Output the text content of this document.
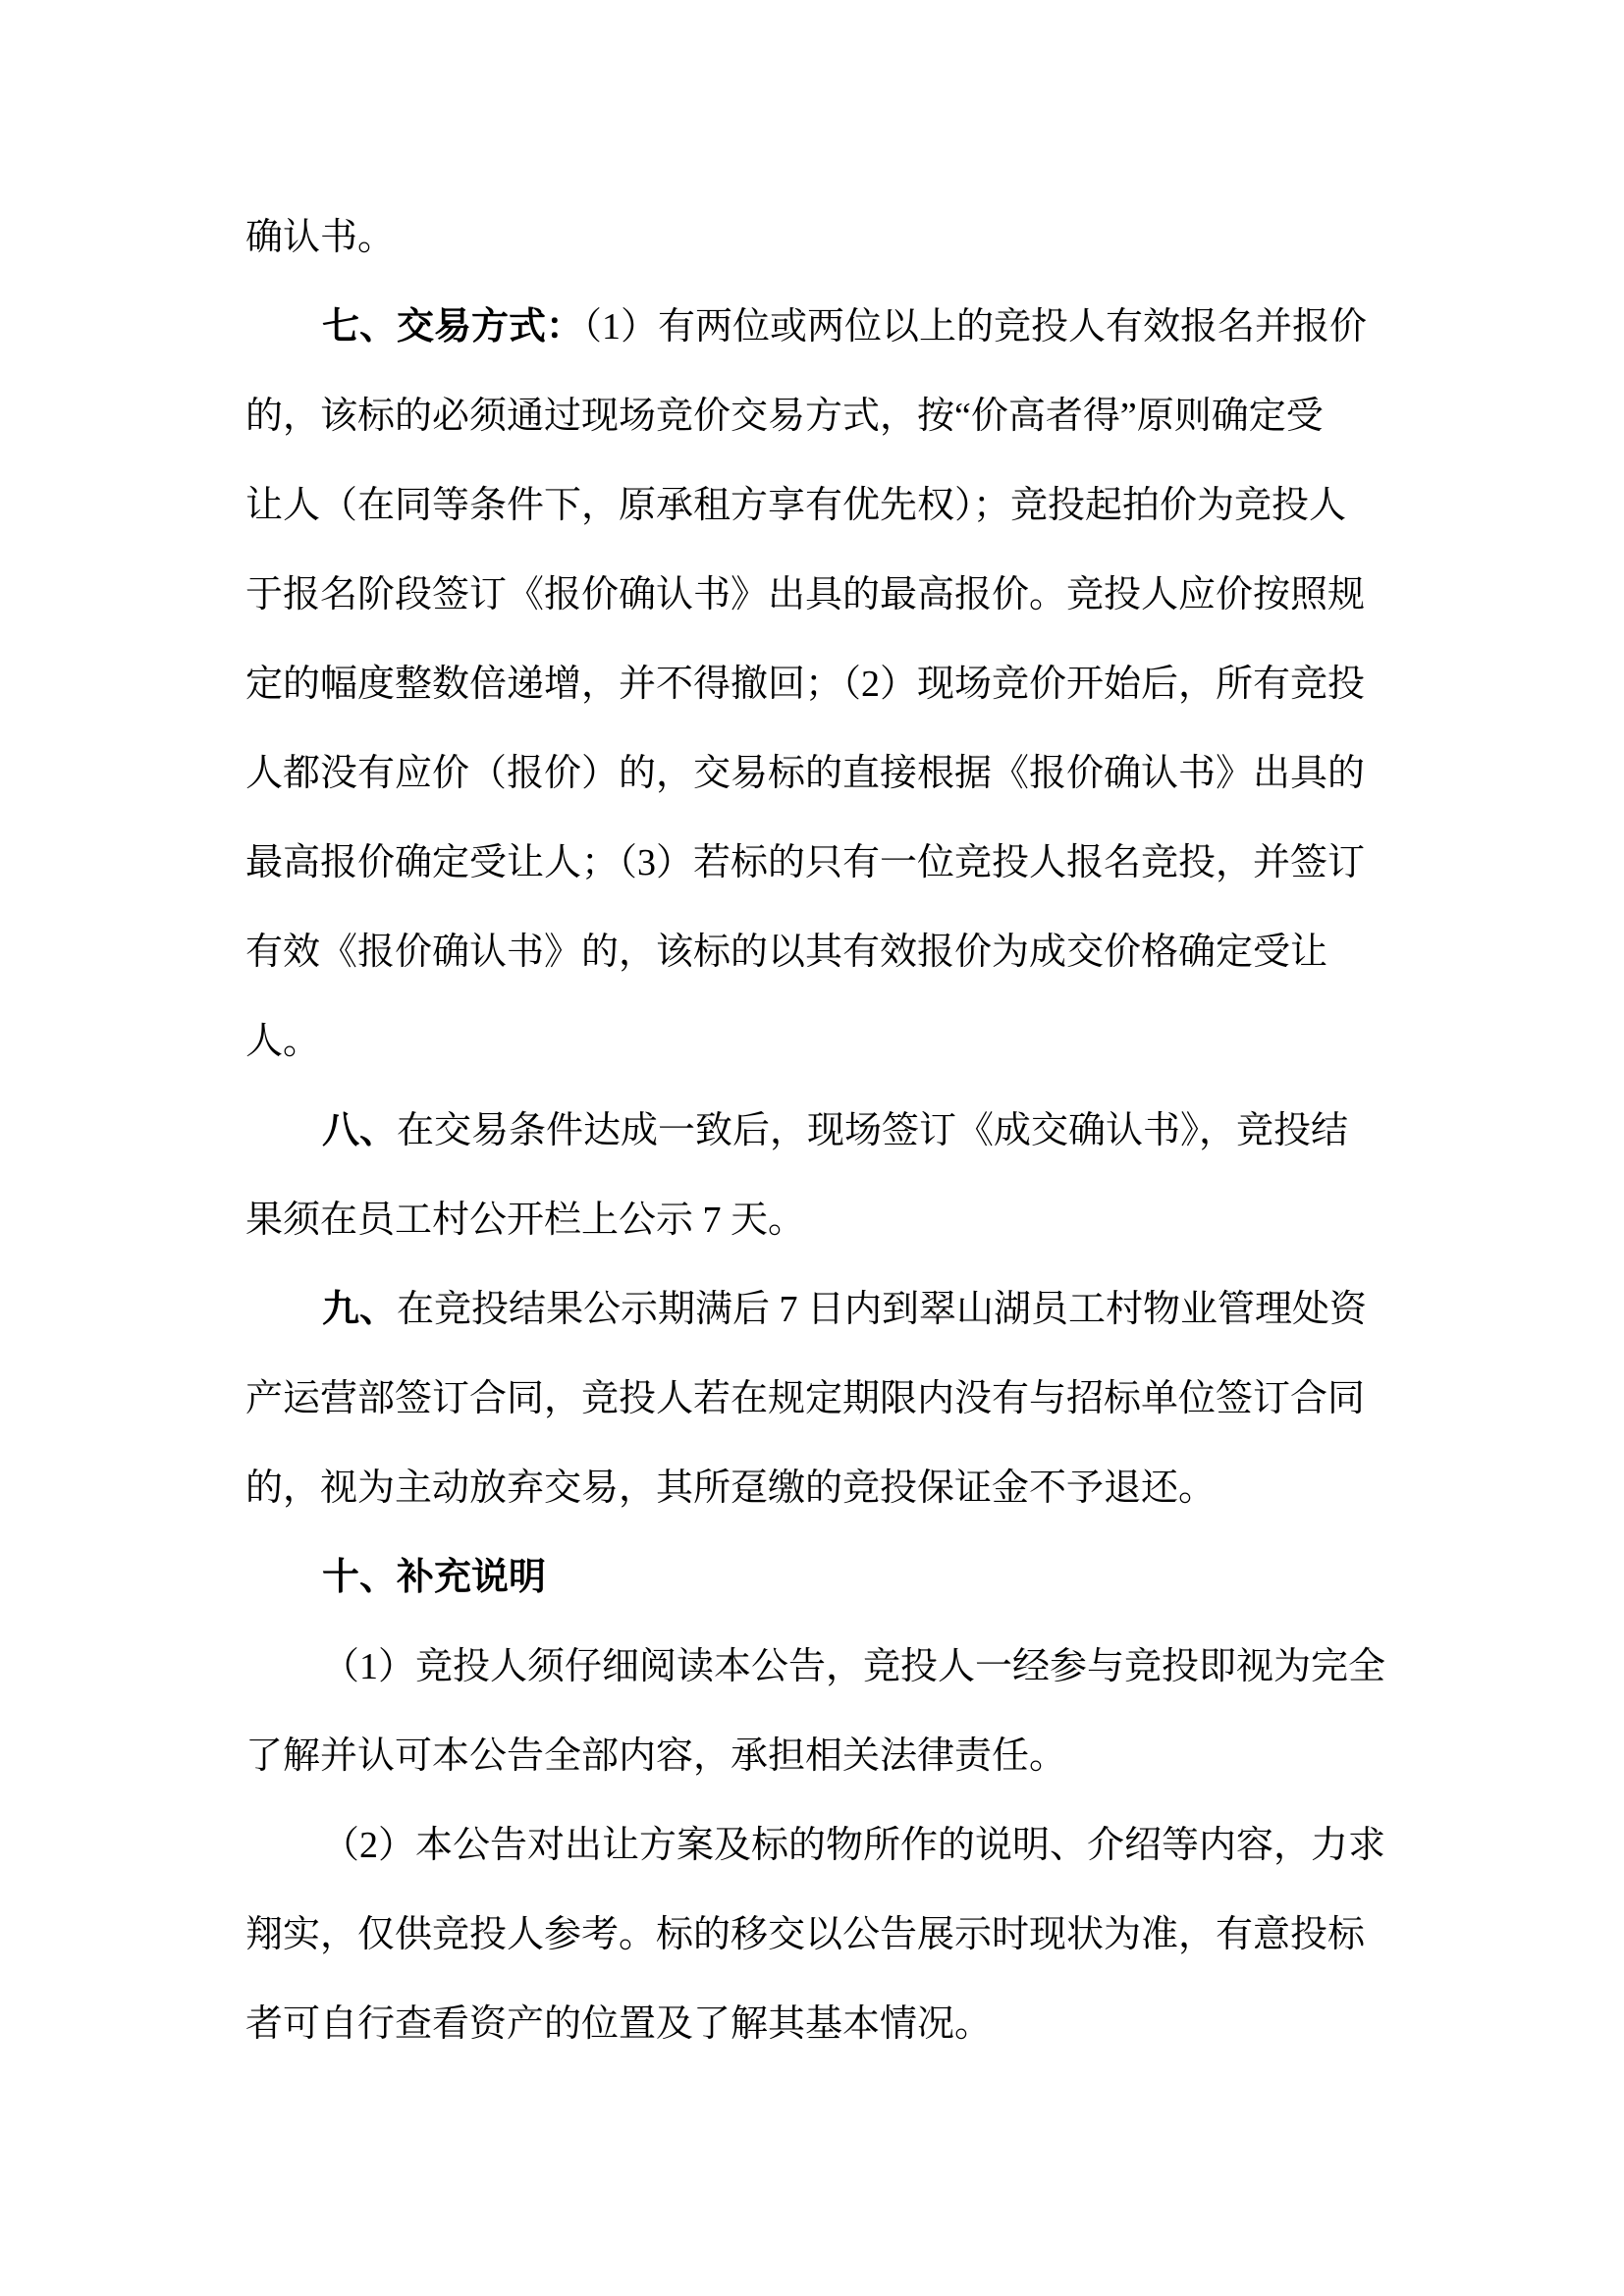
确认书。
七、交易方式：（1）有两位或两位以上的竞投人有效报名并报价
的，该标的必须通过现场竞价交易方式，按“价高者得”原则确定受
让人（在同等条件下，原承租方享有优先权）；竞投起拍价为竞投人
于报名阶段签订《报价确认书》出具的最高报价。竞投人应价按照规
定的幅度整数倍递增，并不得撤回；（2）现场竞价开始后，所有竞投
人都没有应价（报价）的，交易标的直接根据《报价确认书》出具的
最高报价确定受让人；（3）若标的只有一位竞投人报名竞投，并签订
有效《报价确认书》的，该标的以其有效报价为成交价格确定受让
人。
八、在交易条件达成一致后，现场签订《成交确认书》，竞投结
果须在员工村公开栏上公示 7 天。
九、在竞投结果公示期满后 7 日内到翠山湖员工村物业管理处资
产运营部签订合同，竞投人若在规定期限内没有与招标单位签订合同
的，视为主动放弃交易，其所趸缴的竞投保证金不予退还。
十、补充说明
（1）竞投人须仔细阅读本公告，竞投人一经参与竞投即视为完全
了解并认可本公告全部内容，承担相关法律责任。
（2）本公告对出让方案及标的物所作的说明、介绍等内容，力求
翔实，仅供竞投人参考。标的移交以公告展示时现状为准，有意投标
者可自行查看资产的位置及了解其基本情况。
